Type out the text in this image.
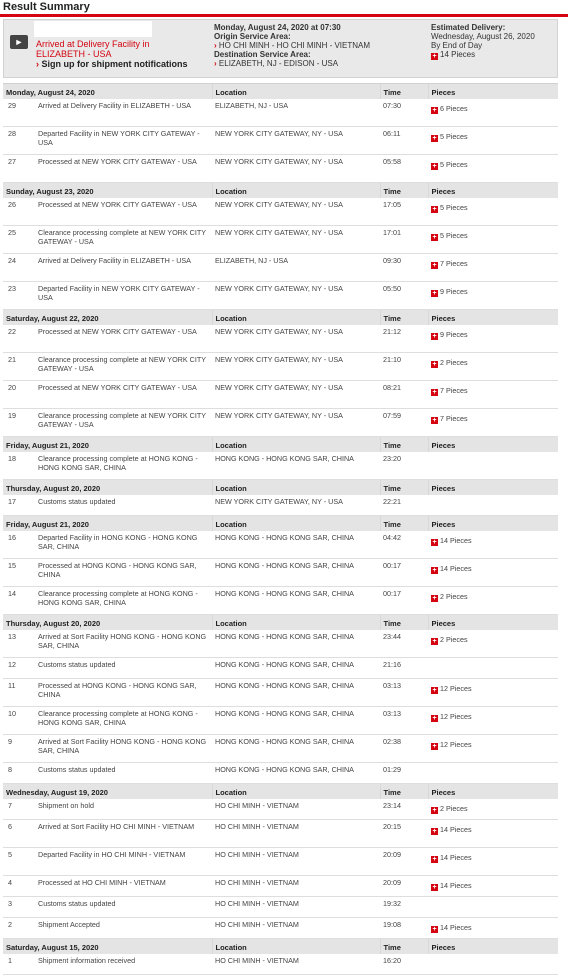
Result Summary
►	Arrived at Delivery Facility in
ELIZABETH - USA
› Sign up for shipment notifications
Monday, August 24, 2020 at 07:30
Origin Service Area:
› HO CHI MINH - HO CHI MINH - VIETNAM
Destination Service Area:
› ELIZABETH, NJ - EDISON - USA
Estimated Delivery:
Wednesday, August 26, 2020
By End of Day
+ 14 Pieces
Monday, August 24, 2020		Location	Time	Pieces
29	Arrived at Delivery Facility in ELIZABETH - USA	ELIZABETH, NJ - USA	07:30	+ 6 Pieces
28	Departed Facility in NEW YORK CITY GATEWAY - USA	NEW YORK CITY GATEWAY, NY - USA	06:11	+ 5 Pieces
27	Processed at NEW YORK CITY GATEWAY - USA	NEW YORK CITY GATEWAY, NY - USA	05:58	+ 5 Pieces
Sunday, August 23, 2020		Location	Time	Pieces
26	Processed at NEW YORK CITY GATEWAY - USA	NEW YORK CITY GATEWAY, NY - USA	17:05	+ 5 Pieces
25	Clearance processing complete at NEW YORK CITY GATEWAY - USA	NEW YORK CITY GATEWAY, NY - USA	17:01	+ 5 Pieces
24	Arrived at Delivery Facility in ELIZABETH - USA	ELIZABETH, NJ - USA	09:30	+ 7 Pieces
23	Departed Facility in NEW YORK CITY GATEWAY - USA	NEW YORK CITY GATEWAY, NY - USA	05:50	+ 9 Pieces
Saturday, August 22, 2020		Location	Time	Pieces
22	Processed at NEW YORK CITY GATEWAY - USA	NEW YORK CITY GATEWAY, NY - USA	21:12	+ 9 Pieces
21	Clearance processing complete at NEW YORK CITY GATEWAY - USA	NEW YORK CITY GATEWAY, NY - USA	21:10	+ 2 Pieces
20	Processed at NEW YORK CITY GATEWAY - USA	NEW YORK CITY GATEWAY, NY - USA	08:21	+ 7 Pieces
19	Clearance processing complete at NEW YORK CITY GATEWAY - USA	NEW YORK CITY GATEWAY, NY - USA	07:59	+ 7 Pieces
Friday, August 21, 2020		Location	Time	Pieces
18	Clearance processing complete at HONG KONG - HONG KONG SAR, CHINA	HONG KONG - HONG KONG SAR, CHINA	23:20	
Thursday, August 20, 2020		Location	Time	Pieces
17	Customs status updated	NEW YORK CITY GATEWAY, NY - USA	22:21	
Friday, August 21, 2020		Location	Time	Pieces
16	Departed Facility in HONG KONG - HONG KONG SAR, CHINA	HONG KONG - HONG KONG SAR, CHINA	04:42	+ 14 Pieces
15	Processed at HONG KONG - HONG KONG SAR, CHINA	HONG KONG - HONG KONG SAR, CHINA	00:17	+ 14 Pieces
14	Clearance processing complete at HONG KONG - HONG KONG SAR, CHINA	HONG KONG - HONG KONG SAR, CHINA	00:17	+ 2 Pieces
Thursday, August 20, 2020		Location	Time	Pieces
13	Arrived at Sort Facility HONG KONG - HONG KONG SAR, CHINA	HONG KONG - HONG KONG SAR, CHINA	23:44	+ 2 Pieces
12	Customs status updated	HONG KONG - HONG KONG SAR, CHINA	21:16	
11	Processed at HONG KONG - HONG KONG SAR, CHINA	HONG KONG - HONG KONG SAR, CHINA	03:13	+ 12 Pieces
10	Clearance processing complete at HONG KONG - HONG KONG SAR, CHINA	HONG KONG - HONG KONG SAR, CHINA	03:13	+ 12 Pieces
9	Arrived at Sort Facility HONG KONG - HONG KONG SAR, CHINA	HONG KONG - HONG KONG SAR, CHINA	02:38	+ 12 Pieces
8	Customs status updated	HONG KONG - HONG KONG SAR, CHINA	01:29	
Wednesday, August 19, 2020		Location	Time	Pieces
7	Shipment on hold	HO CHI MINH - VIETNAM	23:14	+ 2 Pieces
6	Arrived at Sort Facility HO CHI MINH - VIETNAM	HO CHI MINH - VIETNAM	20:15	+ 14 Pieces
5	Departed Facility in HO CHI MINH - VIETNAM	HO CHI MINH - VIETNAM	20:09	+ 14 Pieces
4	Processed at HO CHI MINH - VIETNAM	HO CHI MINH - VIETNAM	20:09	+ 14 Pieces
3	Customs status updated	HO CHI MINH - VIETNAM	19:32	
2	Shipment Accepted	HO CHI MINH - VIETNAM	19:08	+ 14 Pieces
Saturday, August 15, 2020		Location	Time	Pieces
1	Shipment information received	HO CHI MINH - VIETNAM	16:20	
